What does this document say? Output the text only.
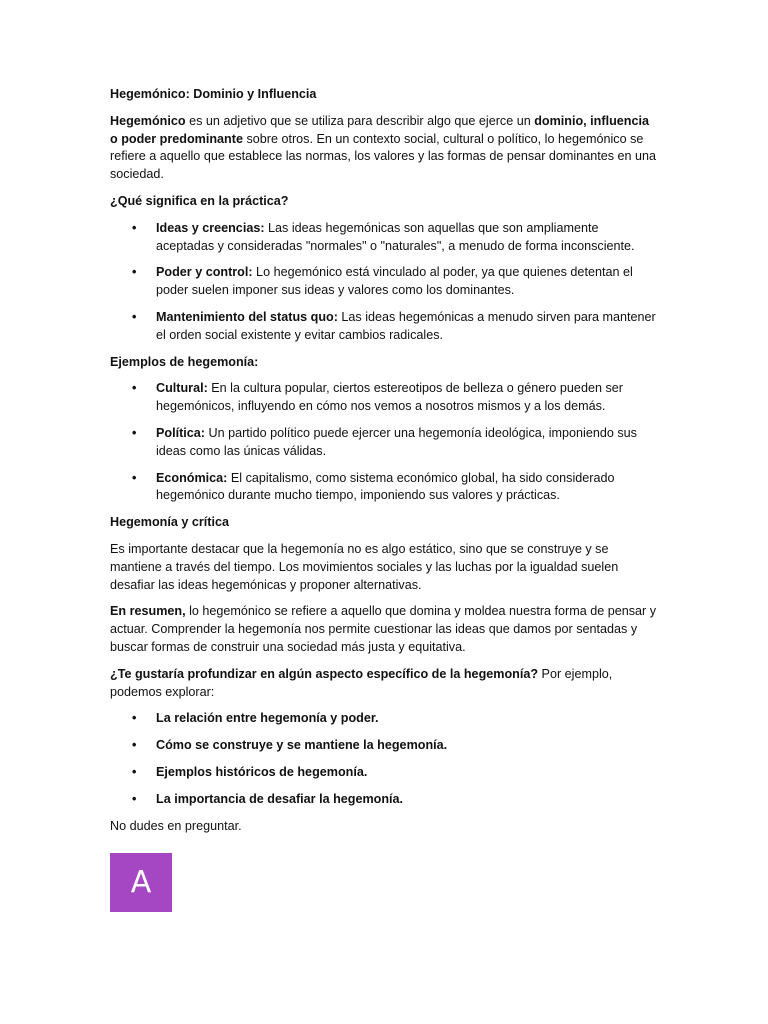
Hegemónico: Dominio y Influencia

Hegemónico es un adjetivo que se utiliza para describir algo que ejerce un dominio, influencia o poder predominante sobre otros. En un contexto social, cultural o político, lo hegemónico se refiere a aquello que establece las normas, los valores y las formas de pensar dominantes en una sociedad.

¿Qué significa en la práctica?

• Ideas y creencias: Las ideas hegemónicas son aquellas que son ampliamente aceptadas y consideradas "normales" o "naturales", a menudo de forma inconsciente.
• Poder y control: Lo hegemónico está vinculado al poder, ya que quienes detentan el poder suelen imponer sus ideas y valores como los dominantes.
• Mantenimiento del status quo: Las ideas hegemónicas a menudo sirven para mantener el orden social existente y evitar cambios radicales.

Ejemplos de hegemonía:

• Cultural: En la cultura popular, ciertos estereotipos de belleza o género pueden ser hegemónicos, influyendo en cómo nos vemos a nosotros mismos y a los demás.
• Política: Un partido político puede ejercer una hegemonía ideológica, imponiendo sus ideas como las únicas válidas.
• Económica: El capitalismo, como sistema económico global, ha sido considerado hegemónico durante mucho tiempo, imponiendo sus valores y prácticas.

Hegemonía y crítica

Es importante destacar que la hegemonía no es algo estático, sino que se construye y se mantiene a través del tiempo. Los movimientos sociales y las luchas por la igualdad suelen desafiar las ideas hegemónicas y proponer alternativas.

En resumen, lo hegemónico se refiere a aquello que domina y moldea nuestra forma de pensar y actuar. Comprender la hegemonía nos permite cuestionar las ideas que damos por sentadas y buscar formas de construir una sociedad más justa y equitativa.

¿Te gustaría profundizar en algún aspecto específico de la hegemonía? Por ejemplo, podemos explorar:

• La relación entre hegemonía y poder.
• Cómo se construye y se mantiene la hegemonía.
• Ejemplos históricos de hegemonía.
• La importancia de desafiar la hegemonía.

No dudes en preguntar.

A
